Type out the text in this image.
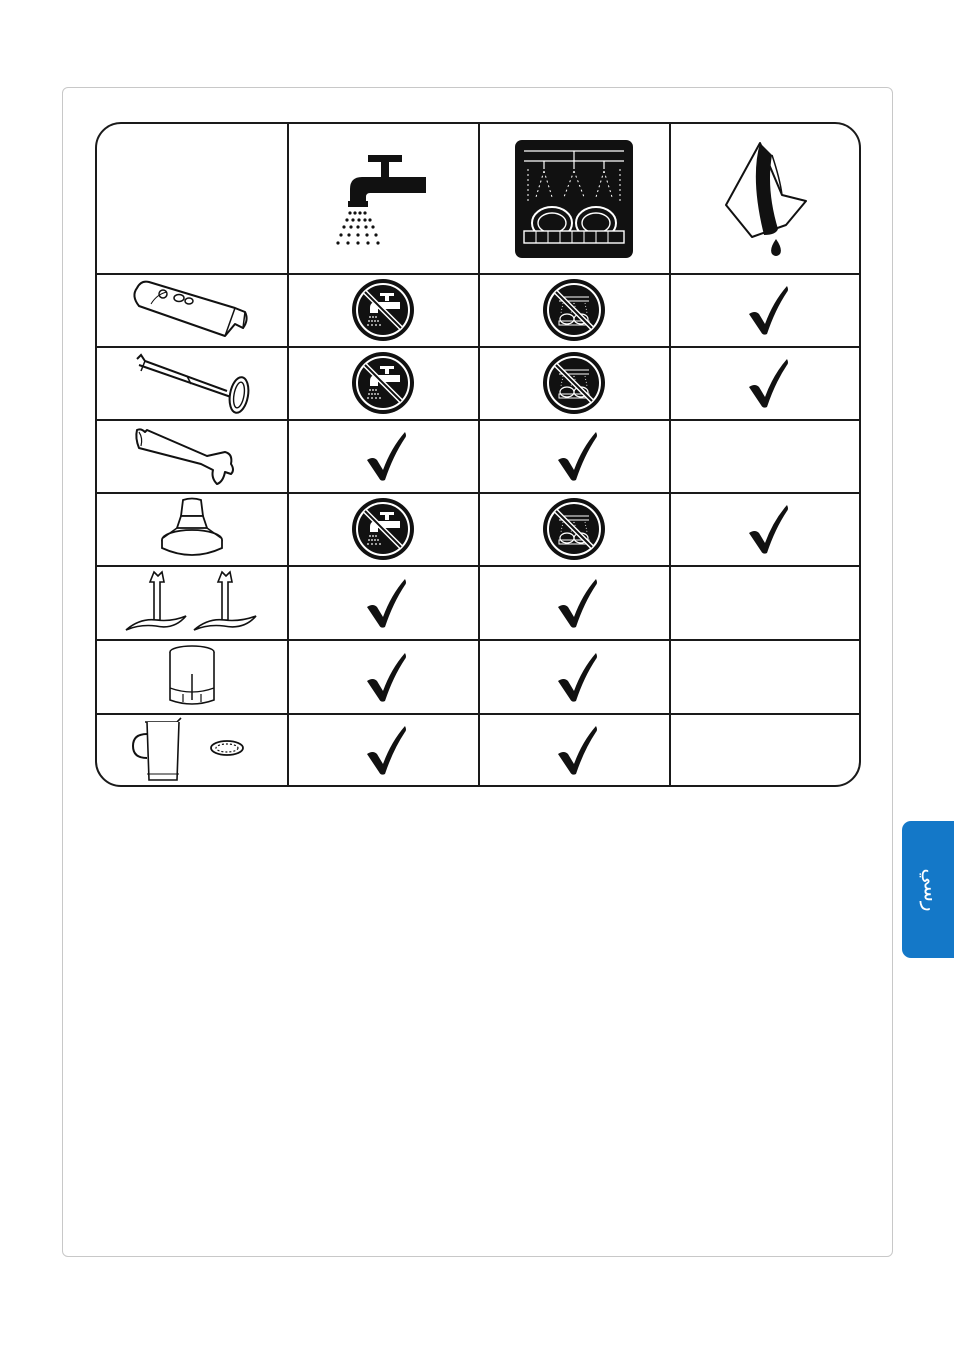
ﺭﺳﻲ
